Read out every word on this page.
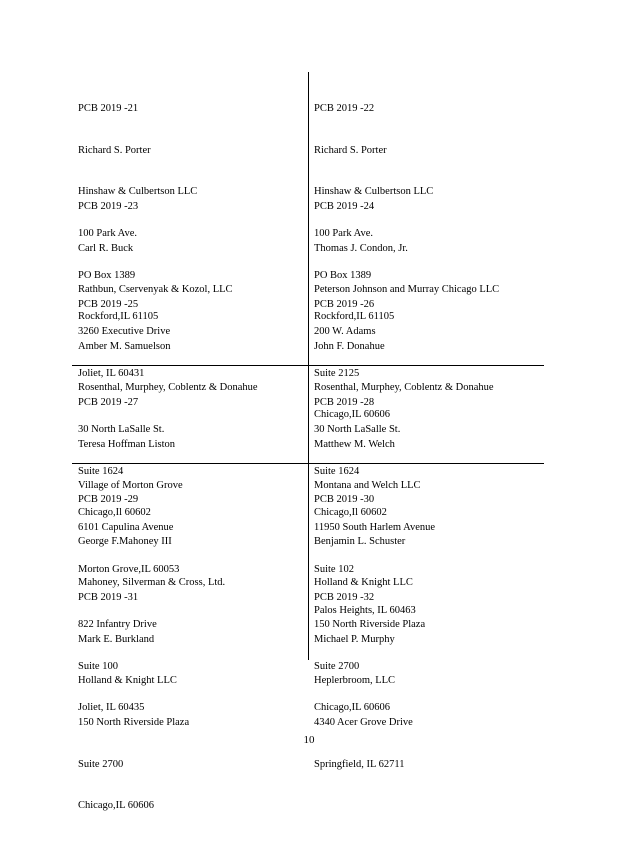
PCB 2019 -21

Richard S. Porter

Hinshaw & Culbertson LLC

100 Park Ave.

PO Box 1389

Rockford,IL 61105

PCB 2019 -22

Richard S. Porter

Hinshaw & Culbertson LLC

100 Park Ave.

PO Box 1389

Rockford,IL 61105

PCB 2019 -23

Carl R. Buck

Rathbun, Cservenyak & Kozol, LLC

3260 Executive Drive

Joliet, IL 60431

PCB 2019 -24

Thomas J. Condon, Jr.

Peterson Johnson and Murray Chicago LLC

200 W. Adams

Suite 2125

Chicago,IL 60606

PCB 2019 -25

Amber M. Samuelson

Rosenthal, Murphey, Coblentz & Donahue

30 North LaSalle St.

Suite 1624

Chicago,Il 60602

PCB 2019 -26

John F. Donahue

Rosenthal, Murphey, Coblentz & Donahue

30 North LaSalle St.

Suite 1624

Chicago,Il 60602

PCB 2019 -27

Teresa Hoffman Liston

Village of Morton Grove

6101 Capulina Avenue

Morton Grove,IL 60053

PCB 2019 -28

Matthew M. Welch

Montana and Welch LLC

11950 South Harlem Avenue

Suite 102

Palos Heights, IL 60463

PCB 2019 -29

George F.Mahoney III

Mahoney, Silverman & Cross, Ltd.

822 Infantry Drive

Suite 100

Joliet, IL 60435

PCB 2019 -30

Benjamin L. Schuster

Holland & Knight LLC

150 North Riverside Plaza

Suite 2700

Chicago,IL 60606

PCB 2019 -31

Mark E. Burkland

Holland & Knight LLC

150 North Riverside Plaza

Suite 2700

Chicago,IL 60606

PCB 2019 -32

Michael P. Murphy

Heplerbroom, LLC

4340 Acer Grove Drive

Springfield, IL 62711

10
